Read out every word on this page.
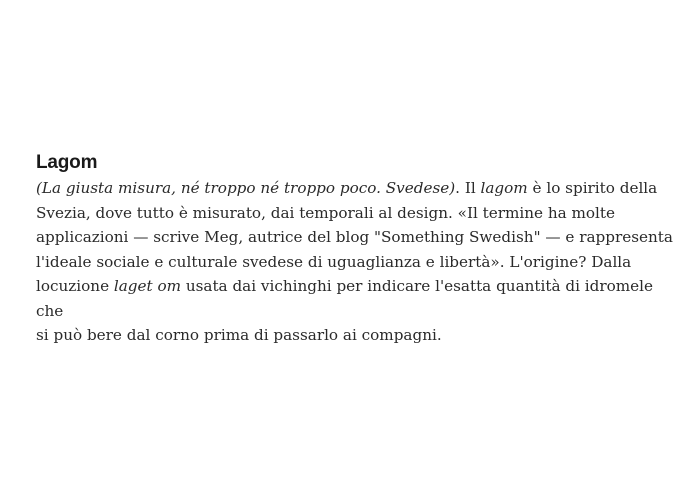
Lagom

(La giusta misura, né troppo né troppo poco. Svedese). Il lagom è lo spirito della
Svezia, dove tutto è misurato, dai temporali al design. «Il termine ha molte
applicazioni — scrive Meg, autrice del blog "Something Swedish" — e rappresenta
l'ideale sociale e culturale svedese di uguaglianza e libertà». L'origine? Dalla
locuzione laget om usata dai vichinghi per indicare l'esatta quantità di idromele che
si può bere dal corno prima di passarlo ai compagni.
